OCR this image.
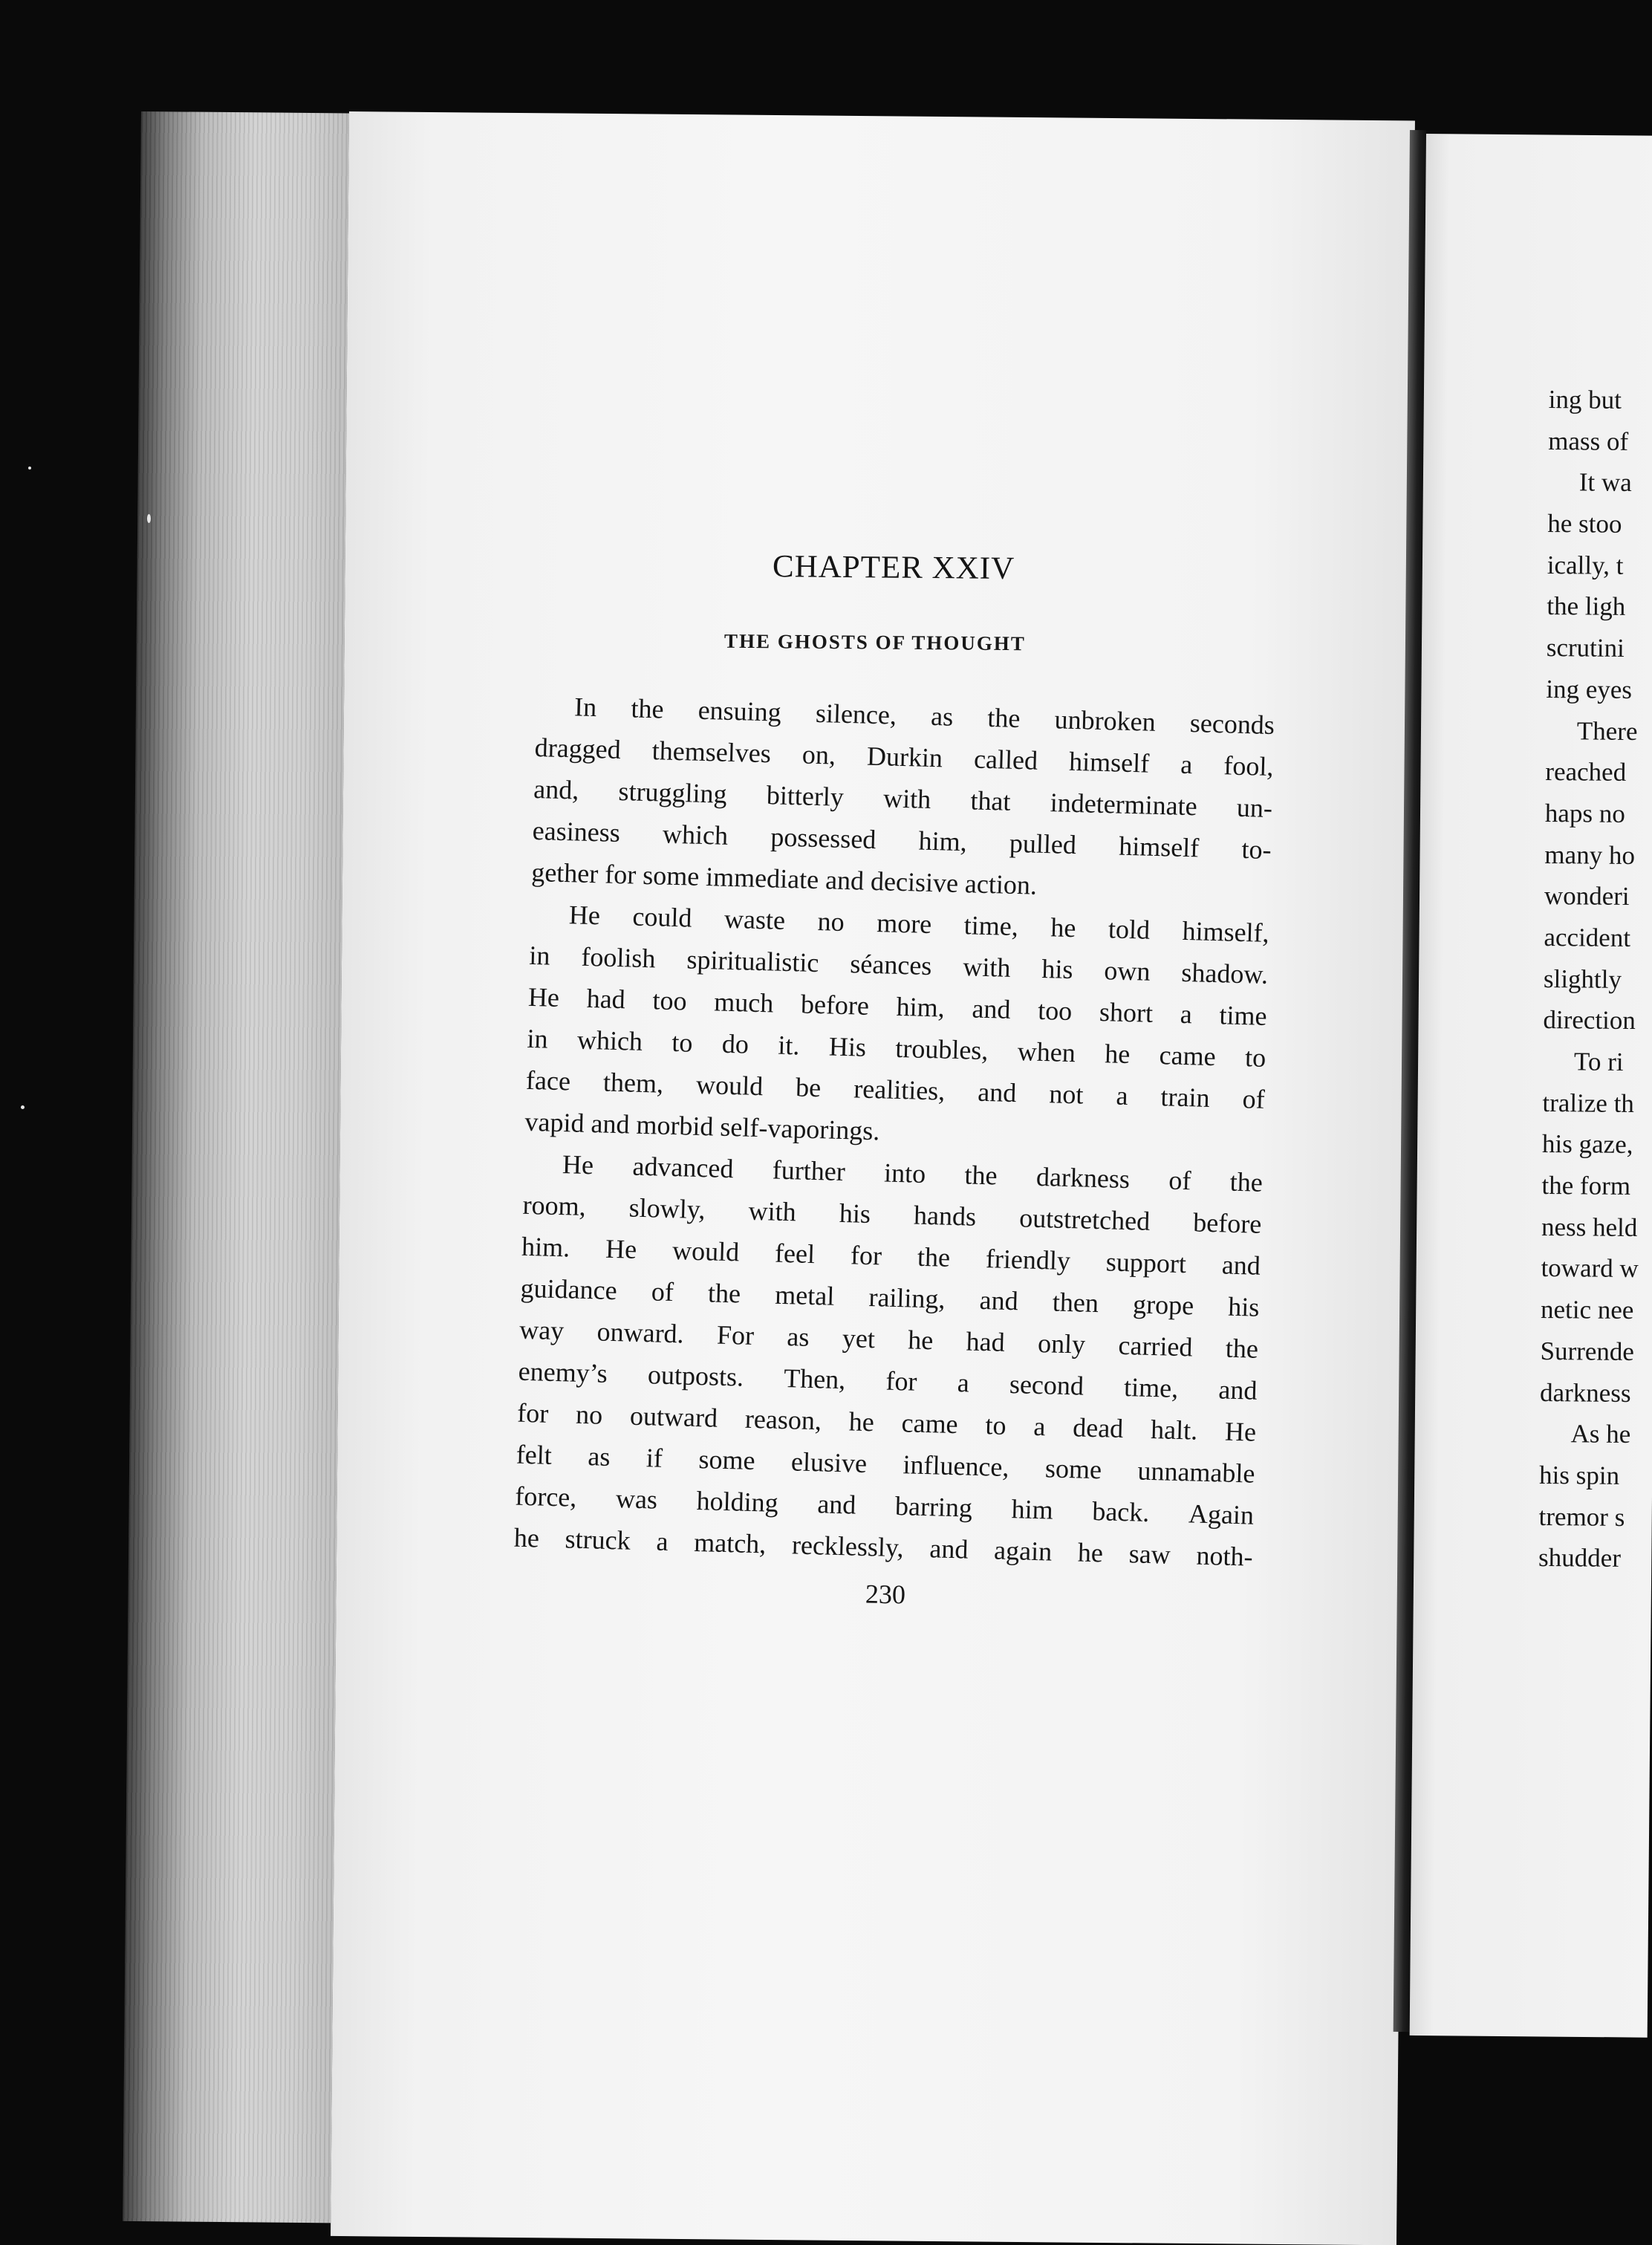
CHAPTER XXIV
THE GHOSTS OF THOUGHT
In the ensuing silence, as the unbroken seconds
dragged themselves on, Durkin called himself a fool,
and, struggling bitterly with that indeterminate un-
easiness which possessed him, pulled himself to-
gether for some immediate and decisive action.
He could waste no more time, he told himself,
in foolish spiritualistic séances with his own shadow.
He had too much before him, and too short a time
in which to do it. His troubles, when he came to
face them, would be realities, and not a train of
vapid and morbid self-vaporings.
He advanced further into the darkness of the
room, slowly, with his hands outstretched before
him. He would feel for the friendly support and
guidance of the metal railing, and then grope his
way onward. For as yet he had only carried the
enemy’s outposts. Then, for a second time, and
for no outward reason, he came to a dead halt. He
felt as if some elusive influence, some unnamable
force, was holding and barring him back. Again
he struck a match, recklessly, and again he saw noth-
230
ing but
mass of
It wa
he stoo
ically, t
the ligh
scrutini
ing eyes
There
reached
haps no
many ho
wonderi
accident
slightly
direction
To ri
tralize th
his gaze,
the form
ness held
toward w
netic nee
Surrende
darkness
As he
his spin
tremor s
shudder
